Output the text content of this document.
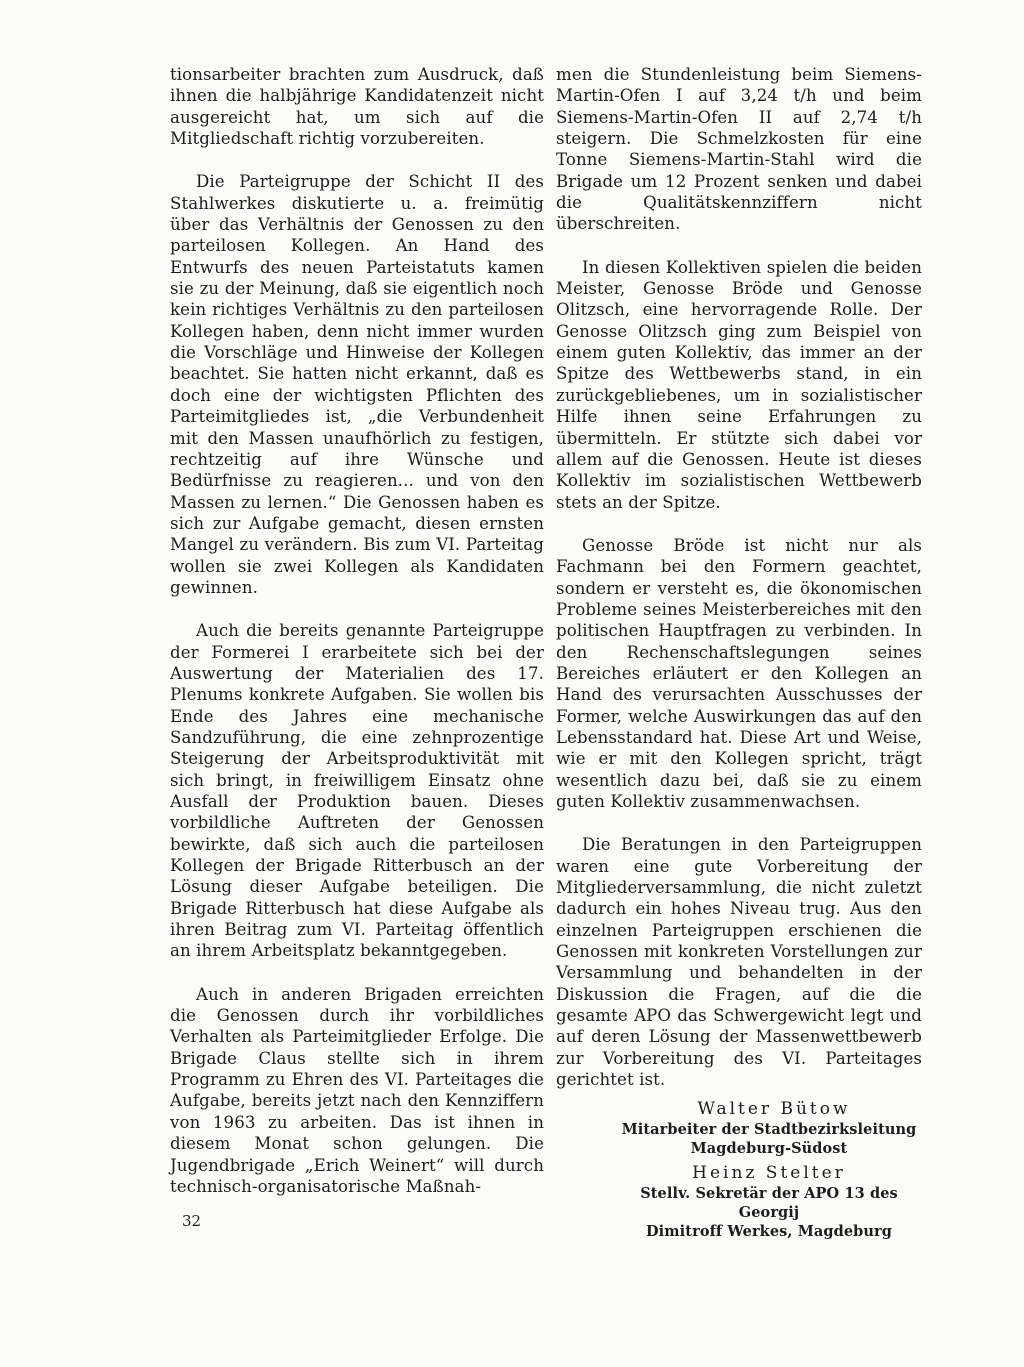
tionsarbeiter brachten zum Ausdruck, daß ihnen die halbjährige Kandidatenzeit nicht ausgereicht hat, um sich auf die Mitgliedschaft richtig vorzubereiten.

Die Parteigruppe der Schicht II des Stahlwerkes diskutierte u. a. freimütig über das Verhältnis der Genossen zu den parteilosen Kollegen. An Hand des Entwurfs des neuen Parteistatuts kamen sie zu der Meinung, daß sie eigentlich noch kein richtiges Verhältnis zu den parteilosen Kollegen haben, denn nicht immer wurden die Vorschläge und Hinweise der Kollegen beachtet. Sie hatten nicht erkannt, daß es doch eine der wichtigsten Pflichten des Parteimitgliedes ist, „die Verbundenheit mit den Massen unaufhörlich zu festigen, rechtzeitig auf ihre Wünsche und Bedürfnisse zu reagieren... und von den Massen zu lernen.“ Die Genossen haben es sich zur Aufgabe gemacht, diesen ernsten Mangel zu verändern. Bis zum VI. Parteitag wollen sie zwei Kollegen als Kandidaten gewinnen.

Auch die bereits genannte Parteigruppe der Formerei I erarbeitete sich bei der Auswertung der Materialien des 17. Plenums konkrete Aufgaben. Sie wollen bis Ende des Jahres eine mechanische Sandzuführung, die eine zehnprozentige Steigerung der Arbeitsproduktivität mit sich bringt, in freiwilligem Einsatz ohne Ausfall der Produktion bauen. Dieses vorbildliche Auftreten der Genossen bewirkte, daß sich auch die parteilosen Kollegen der Brigade Ritterbusch an der Lösung dieser Aufgabe beteiligen. Die Brigade Ritterbusch hat diese Aufgabe als ihren Beitrag zum VI. Parteitag öffentlich an ihrem Arbeitsplatz bekanntgegeben.

Auch in anderen Brigaden erreichten die Genossen durch ihr vorbildliches Verhalten als Parteimitglieder Erfolge. Die Brigade Claus stellte sich in ihrem Programm zu Ehren des VI. Parteitages die Aufgabe, bereits jetzt nach den Kennziffern von 1963 zu arbeiten. Das ist ihnen in diesem Monat schon gelungen. Die Jugendbrigade „Erich Weinert“ will durch technisch-organisatorische Maßnah-

men die Stundenleistung beim Siemens-Martin-Ofen I auf 3,24 t/h und beim Siemens-Martin-Ofen II auf 2,74 t/h steigern. Die Schmelzkosten für eine Tonne Siemens-Martin-Stahl wird die Brigade um 12 Prozent senken und dabei die Qualitätskennziffern nicht überschreiten.

In diesen Kollektiven spielen die beiden Meister, Genosse Bröde und Genosse Olitzsch, eine hervorragende Rolle. Der Genosse Olitzsch ging zum Beispiel von einem guten Kollektiv, das immer an der Spitze des Wettbewerbs stand, in ein zurückgebliebenes, um in sozialistischer Hilfe ihnen seine Erfahrungen zu übermitteln. Er stützte sich dabei vor allem auf die Genossen. Heute ist dieses Kollektiv im sozialistischen Wettbewerb stets an der Spitze.

Genosse Bröde ist nicht nur als Fachmann bei den Formern geachtet, sondern er versteht es, die ökonomischen Probleme seines Meisterbereiches mit den politischen Hauptfragen zu verbinden. In den Rechenschaftslegungen seines Bereiches erläutert er den Kollegen an Hand des verursachten Ausschusses der Former, welche Auswirkungen das auf den Lebensstandard hat. Diese Art und Weise, wie er mit den Kollegen spricht, trägt wesentlich dazu bei, daß sie zu einem guten Kollektiv zusammenwachsen.

Die Beratungen in den Parteigruppen waren eine gute Vorbereitung der Mitgliederversammlung, die nicht zuletzt dadurch ein hohes Niveau trug. Aus den einzelnen Parteigruppen erschienen die Genossen mit konkreten Vorstellungen zur Versammlung und behandelten in der Diskussion die Fragen, auf die die gesamte APO das Schwergewicht legt und auf deren Lösung der Massenwettbewerb zur Vorbereitung des VI. Parteitages gerichtet ist.

Walter Bütow
Mitarbeiter der Stadtbezirksleitung
Magdeburg-Südost
Heinz Stelter
Stellv. Sekretär der APO 13 des Georgij
Dimitroff Werkes, Magdeburg
32
